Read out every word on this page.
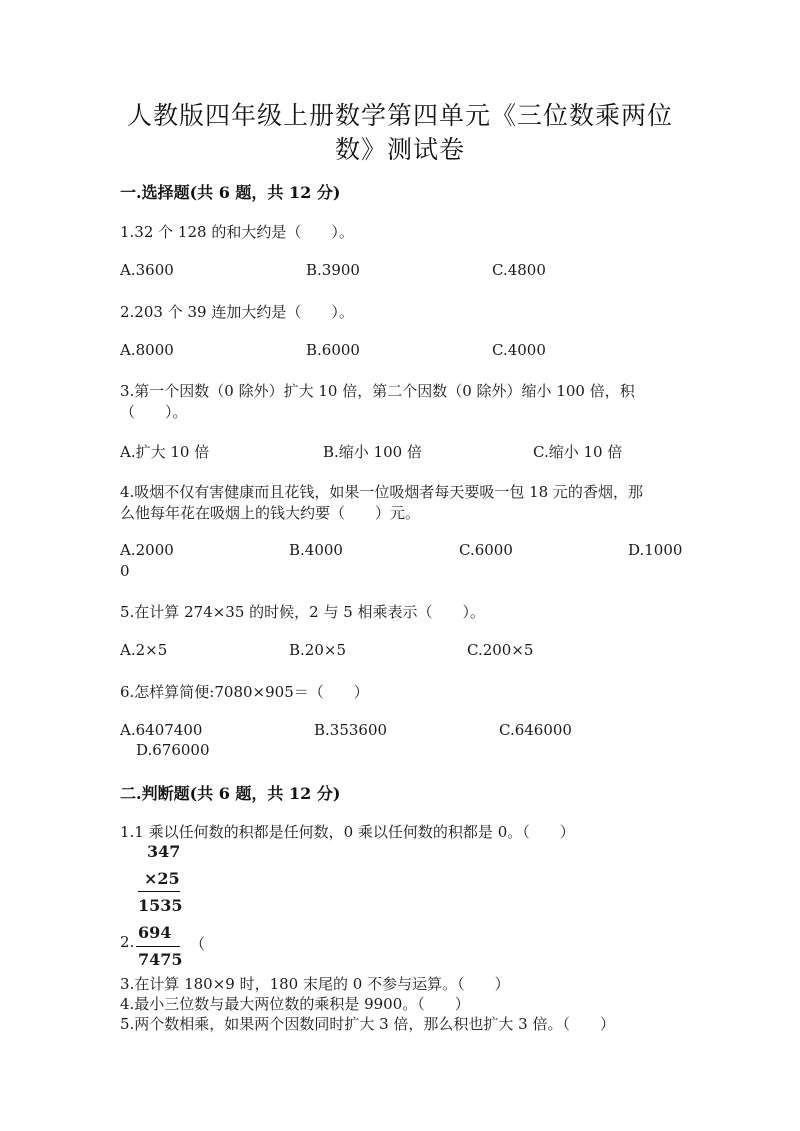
人教版四年级上册数学第四单元《三位数乘两位
数》测试卷
一.选择题(共 6 题，共 12 分)
1.32 个 128 的和大约是（　　）。
A.3600	B.3900	C.4800
2.203 个 39 连加大约是（　　）。
A.8000	B.6000	C.4000
3.第一个因数（0 除外）扩大 10 倍，第二个因数（0 除外）缩小 100 倍，积
（　　）。
A.扩大 10 倍	B.缩小 100 倍	C.缩小 10 倍
4.吸烟不仅有害健康而且花钱，如果一位吸烟者每天要吸一包 18 元的香烟，那
么他每年花在吸烟上的钱大约要（　　）元。
A.2000	B.4000	C.6000	D.1000
0
5.在计算 274×35 的时候，2 与 5 相乘表示（　　）。
A.2×5	B.20×5	C.200×5
6.怎样算简便:7080×905＝（　　）
A.6407400	B.353600	C.646000
D.676000
二.判断题(共 6 题，共 12 分)
1.1 乘以任何数的积都是任何数，0 乘以任何数的积都是 0。（　　）
347
×25
1535
2. 694
7475
（
3.在计算 180×9 时，180 末尾的 0 不参与运算。（　　）
4.最小三位数与最大两位数的乘积是 9900。（　　）
5.两个数相乘，如果两个因数同时扩大 3 倍，那么积也扩大 3 倍。（　　）
